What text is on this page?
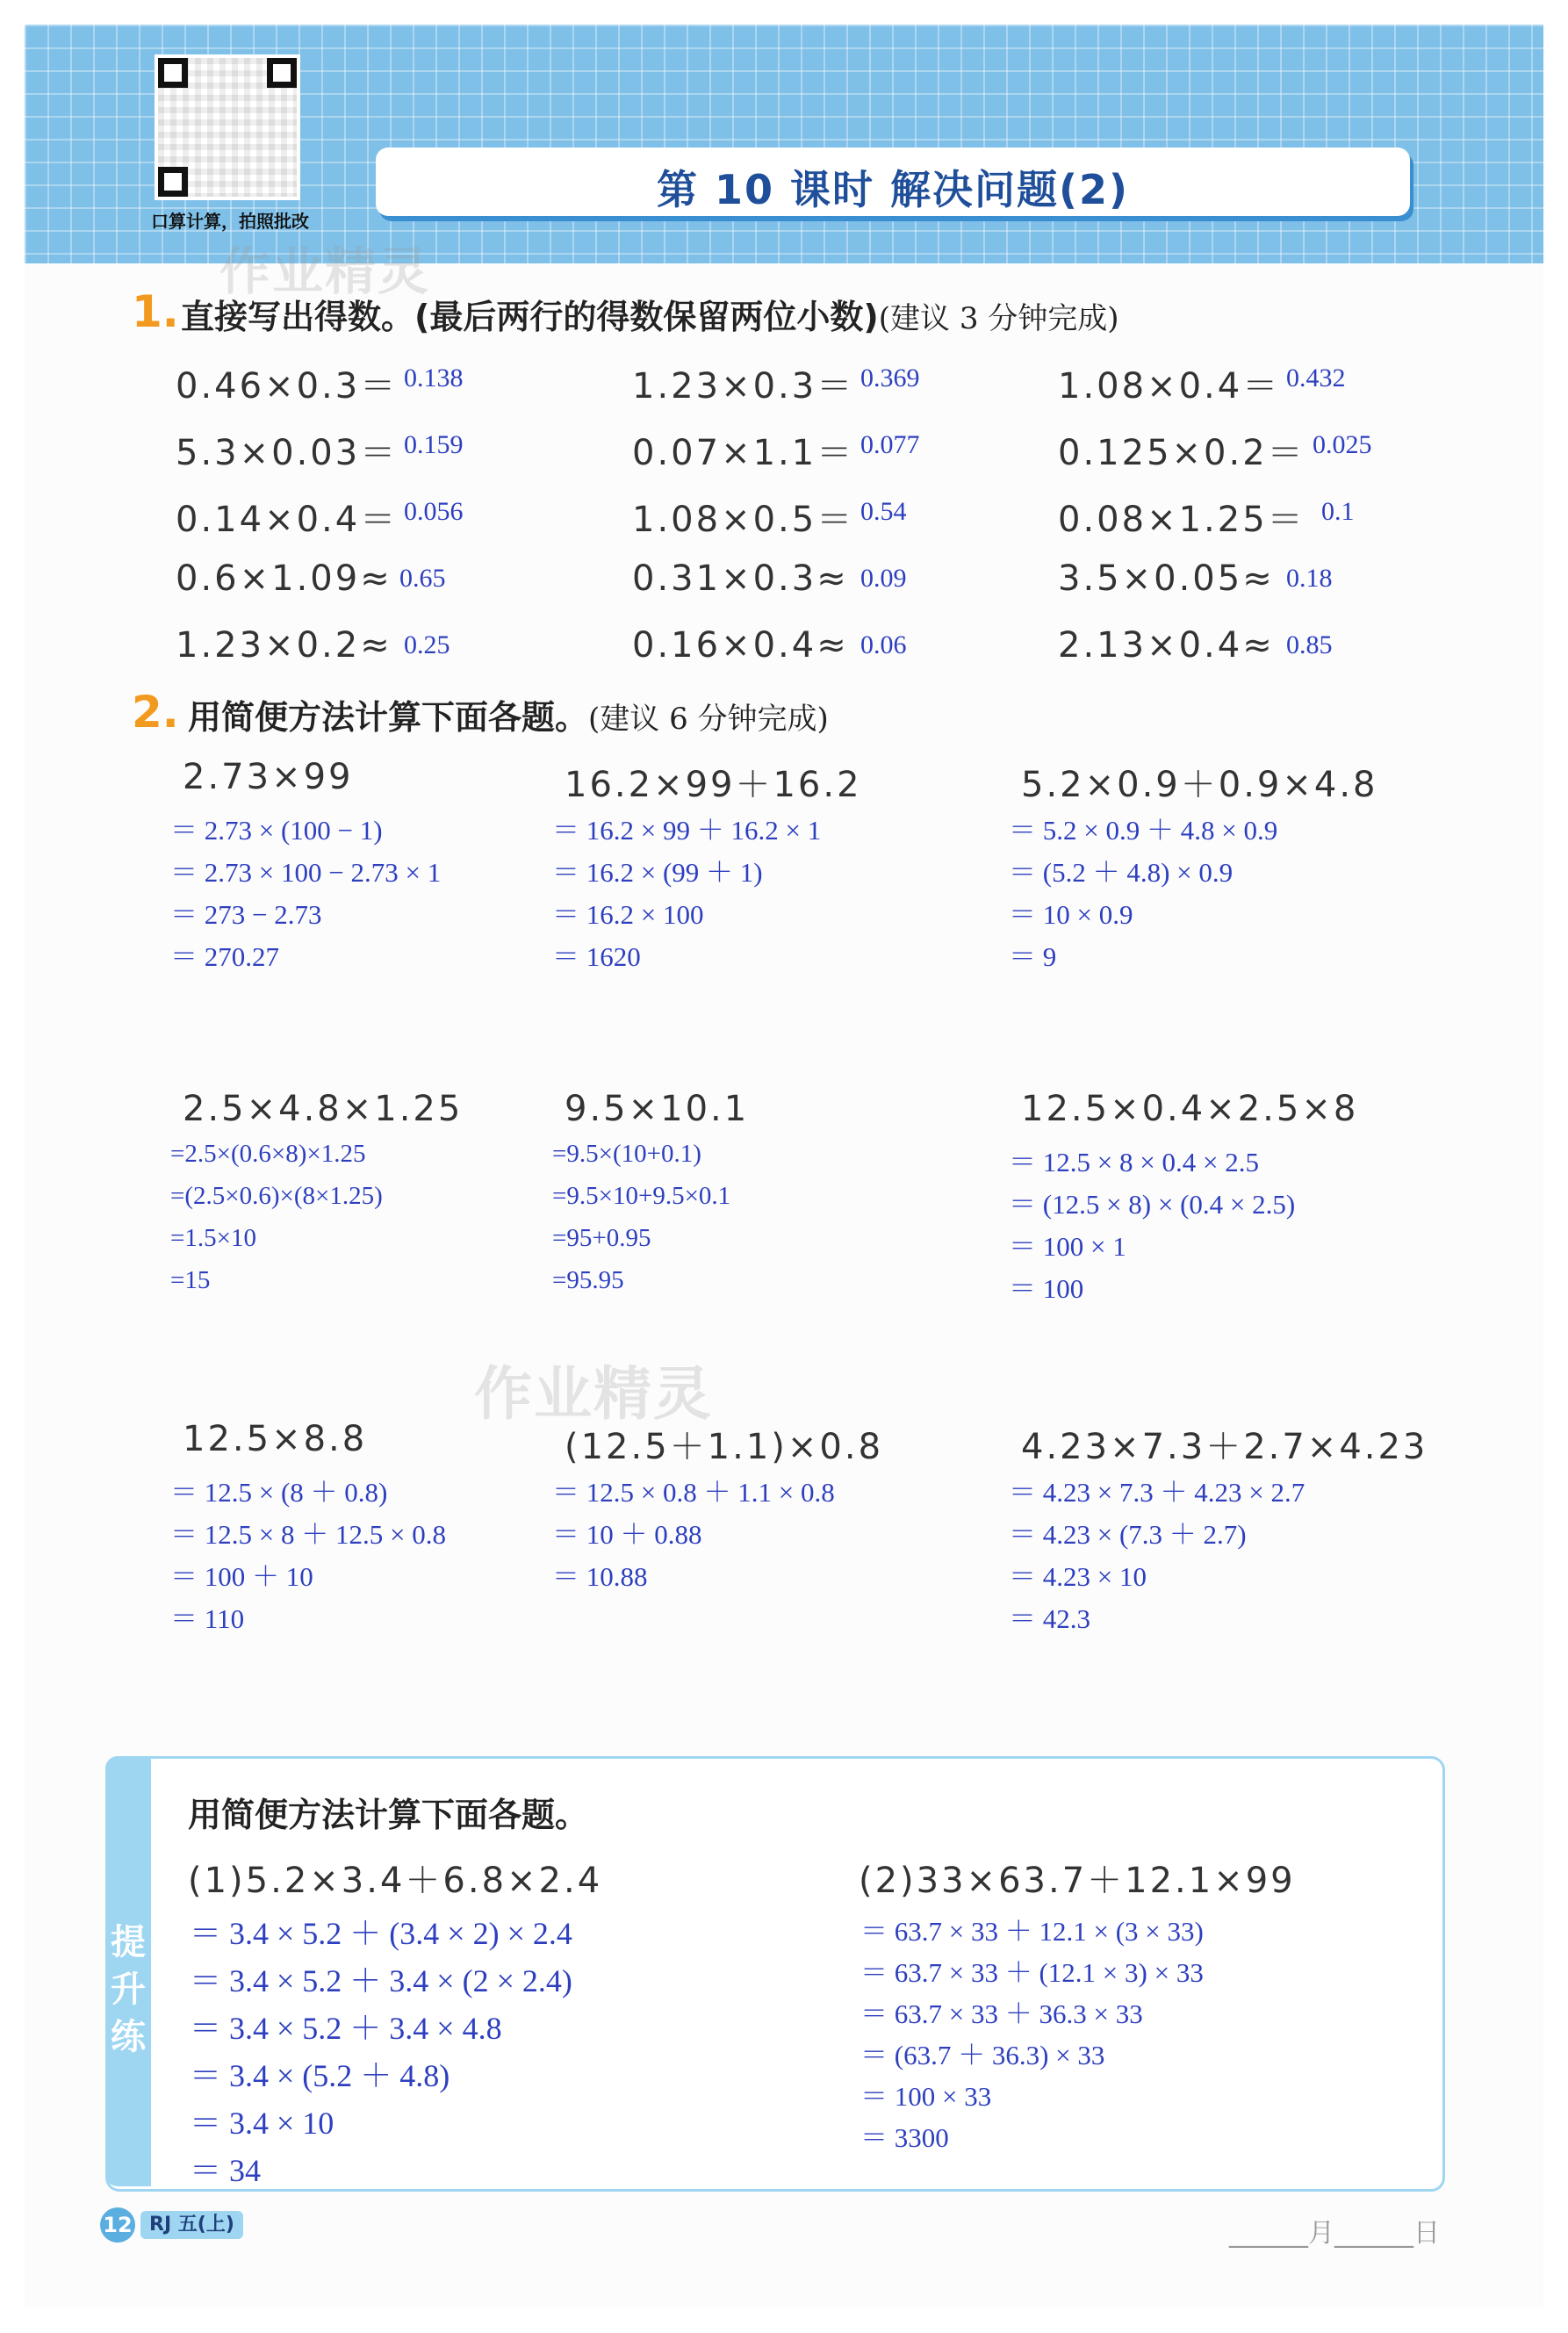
口算计算，拍照批改
第 10 课时 解决问题(2)
作业精灵
作业精灵
1. 直接写出得数。(最后两行的得数保留两位小数)(建议 3 分钟完成)
0.46×0.3＝ 0.138	1.23×0.3＝ 0.369	1.08×0.4＝ 0.432
5.3×0.03＝ 0.159	0.07×1.1＝ 0.077	0.125×0.2＝ 0.025
0.14×0.4＝ 0.056	1.08×0.5＝ 0.54	0.08×1.25＝ 0.1
0.6×1.09≈ 0.65	0.31×0.3≈ 0.09	3.5×0.05≈ 0.18
1.23×0.2≈ 0.25	0.16×0.4≈ 0.06	2.13×0.4≈ 0.85
2. 用简便方法计算下面各题。(建议 6 分钟完成)
2.73×99
＝ 2.73 × (100 − 1)
＝ 2.73 × 100 − 2.73 × 1
＝ 273 − 2.73
＝ 270.27
16.2×99＋16.2
＝ 16.2 × 99 ＋ 16.2 × 1
＝ 16.2 × (99 ＋ 1)
＝ 16.2 × 100
＝ 1620
5.2×0.9＋0.9×4.8
＝ 5.2 × 0.9 ＋ 4.8 × 0.9
＝ (5.2 ＋ 4.8) × 0.9
＝ 10 × 0.9
＝ 9
2.5×4.8×1.25
=2.5×(0.6×8)×1.25
=(2.5×0.6)×(8×1.25)
=1.5×10
=15
9.5×10.1
=9.5×(10+0.1)
=9.5×10+9.5×0.1
=95+0.95
=95.95
12.5×0.4×2.5×8
＝ 12.5 × 8 × 0.4 × 2.5
＝ (12.5 × 8) × (0.4 × 2.5)
＝ 100 × 1
＝ 100
12.5×8.8
＝ 12.5 × (8 ＋ 0.8)
＝ 12.5 × 8 ＋ 12.5 × 0.8
＝ 100 ＋ 10
＝ 110
(12.5＋1.1)×0.8
＝ 12.5 × 0.8 ＋ 1.1 × 0.8
＝ 10 ＋ 0.88
＝ 10.88
4.23×7.3＋2.7×4.23
＝ 4.23 × 7.3 ＋ 4.23 × 2.7
＝ 4.23 × (7.3 ＋ 2.7)
＝ 4.23 × 10
＝ 42.3
提
升
练
用简便方法计算下面各题。
(1)5.2×3.4＋6.8×2.4
＝ 3.4 × 5.2 ＋ (3.4 × 2) × 2.4
＝ 3.4 × 5.2 ＋ 3.4 × (2 × 2.4)
＝ 3.4 × 5.2 ＋ 3.4 × 4.8
＝ 3.4 × (5.2 ＋ 4.8)
＝ 3.4 × 10
＝ 34
(2)33×63.7＋12.1×99
＝ 63.7 × 33 ＋ 12.1 × (3 × 33)
＝ 63.7 × 33 ＋ (12.1 × 3) × 33
＝ 63.7 × 33 ＋ 36.3 × 33
＝ (63.7 ＋ 36.3) × 33
＝ 100 × 33
＝ 3300
12 RJ 五(上)	______月______日
